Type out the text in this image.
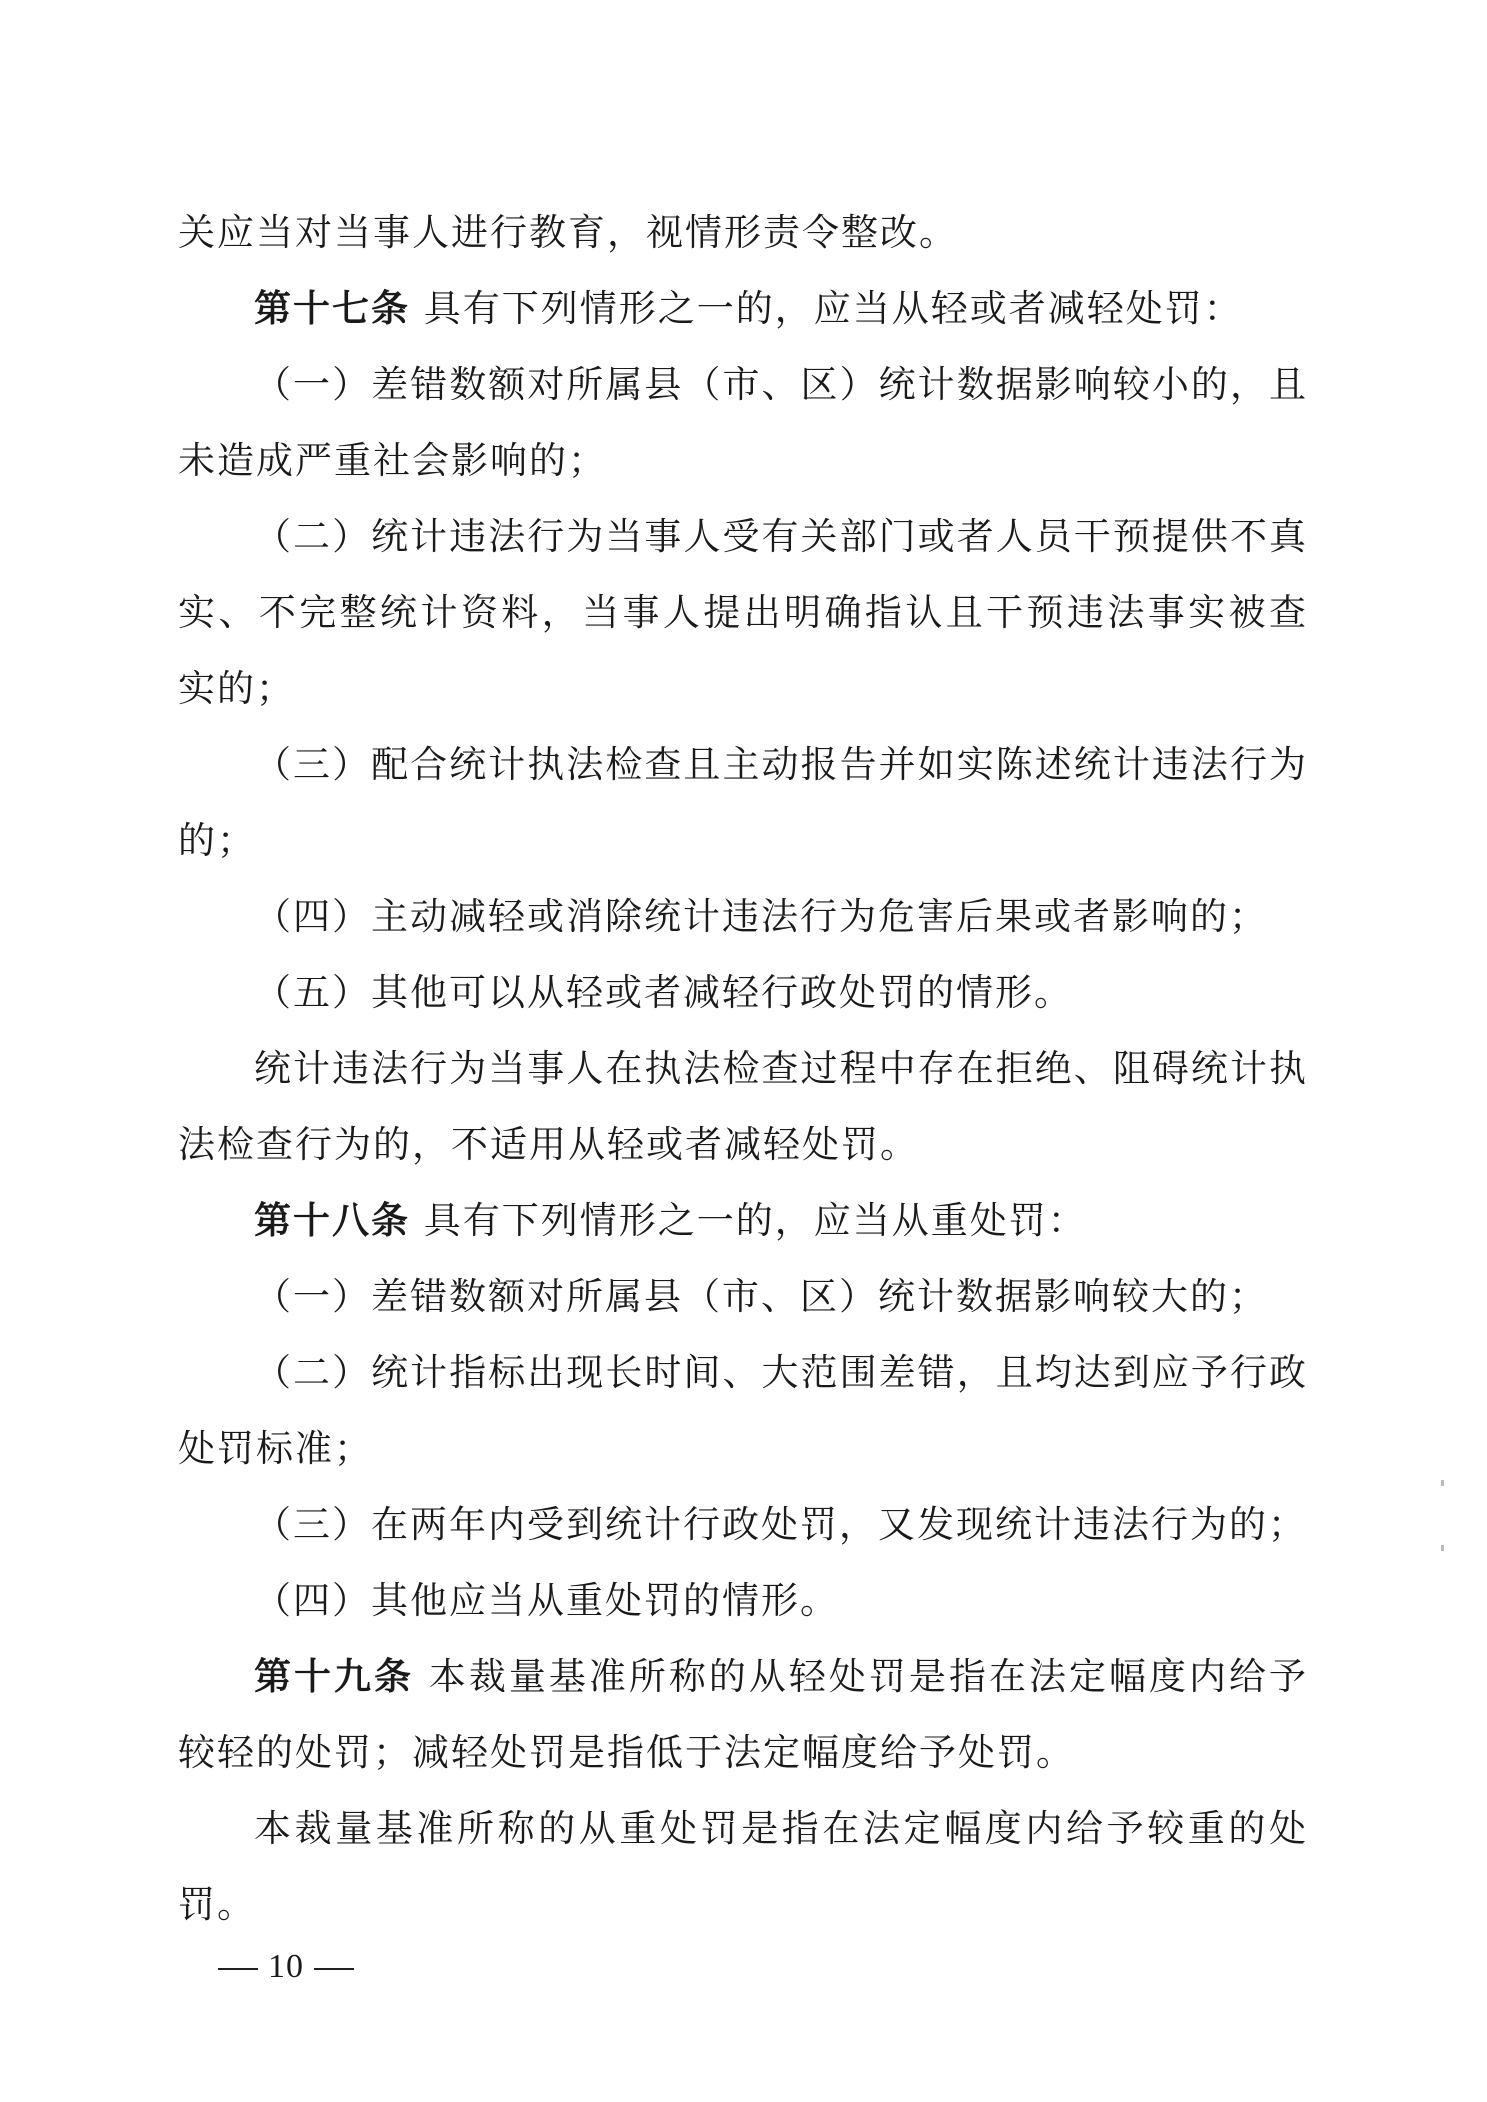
关应当对当事人进行教育，视情形责令整改。

第十七条 具有下列情形之一的，应当从轻或者减轻处罚：

（一）差错数额对所属县（市、区）统计数据影响较小的，且未造成严重社会影响的；

（二）统计违法行为当事人受有关部门或者人员干预提供不真实、不完整统计资料，当事人提出明确指认且干预违法事实被查实的；

（三）配合统计执法检查且主动报告并如实陈述统计违法行为的；

（四）主动减轻或消除统计违法行为危害后果或者影响的；

（五）其他可以从轻或者减轻行政处罚的情形。

统计违法行为当事人在执法检查过程中存在拒绝、阻碍统计执法检查行为的，不适用从轻或者减轻处罚。

第十八条 具有下列情形之一的，应当从重处罚：

（一）差错数额对所属县（市、区）统计数据影响较大的；

（二）统计指标出现长时间、大范围差错，且均达到应予行政处罚标准；

（三）在两年内受到统计行政处罚，又发现统计违法行为的；

（四）其他应当从重处罚的情形。

第十九条 本裁量基准所称的从轻处罚是指在法定幅度内给予较轻的处罚；减轻处罚是指低于法定幅度给予处罚。

本裁量基准所称的从重处罚是指在法定幅度内给予较重的处罚。

10
